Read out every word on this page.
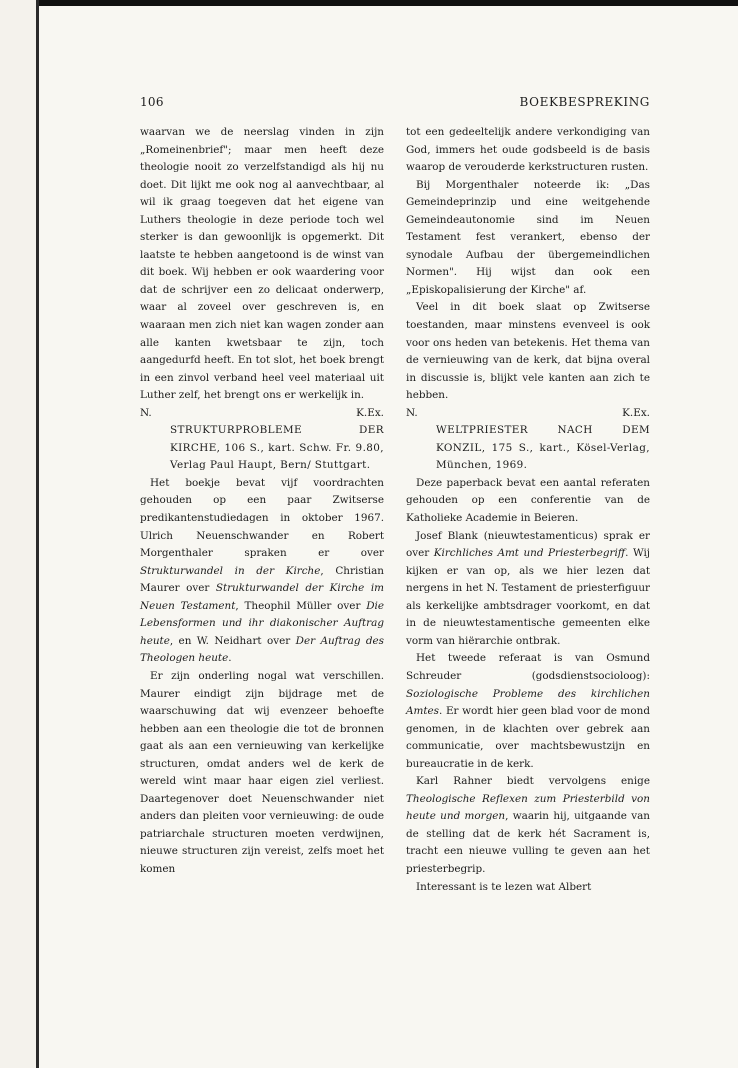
106	BOEKBESPREKING

waarvan we de neerslag vinden in zijn „Romeinenbrief"; maar men heeft deze theologie nooit zo verzelfstandigd als hij nu doet. Dit lijkt me ook nog al aanvechtbaar, al wil ik graag toegeven dat het eigene van Luthers theologie in deze periode toch wel sterker is dan gewoonlijk is opgemerkt. Dit laatste te hebben aangetoond is de winst van dit boek. Wij hebben er ook waardering voor dat de schrijver een zo delicaat onderwerp, waar al zoveel over geschreven is, en waaraan men zich niet kan wagen zonder aan alle kanten kwetsbaar te zijn, toch aangedurfd heeft. En tot slot, het boek brengt in een zinvol verband heel veel materiaal uit Luther zelf, het brengt ons er werkelijk in.

N.	K.Ex.

STRUKTURPROBLEME DER KIRCHE, 106 S., kart. Schw. Fr. 9.80, Verlag Paul Haupt, Bern/ Stuttgart.

Het boekje bevat vijf voordrachten gehouden op een paar Zwitserse predikantenstudiedagen in oktober 1967. Ulrich Neuenschwander en Robert Morgenthaler spraken er over Strukturwandel in der Kirche, Christian Maurer over Strukturwandel der Kirche im Neuen Testament, Theophil Müller over Die Lebensformen und ihr diakonischer Auftrag heute, en W. Neidhart over Der Auftrag des Theologen heute.

Er zijn onderling nogal wat verschillen. Maurer eindigt zijn bijdrage met de waarschuwing dat wij evenzeer behoefte hebben aan een theologie die tot de bronnen gaat als aan een vernieuwing van kerkelijke structuren, omdat anders wel de kerk de wereld wint maar haar eigen ziel verliest. Daartegenover doet Neuenschwander niet anders dan pleiten voor vernieuwing: de oude patriarchale structuren moeten verdwijnen, nieuwe structuren zijn vereist, zelfs moet het komen

tot een gedeeltelijk andere verkondiging van God, immers het oude godsbeeld is de basis waarop de verouderde kerkstructuren rusten.

Bij Morgenthaler noteerde ik: „Das Gemeindeprinzip und eine weitgehende Gemeindeautonomie sind im Neuen Testament fest verankert, ebenso der synodale Aufbau der übergemeindlichen Normen". Hij wijst dan ook een „Episkopalisierung der Kirche" af.

Veel in dit boek slaat op Zwitserse toestanden, maar minstens evenveel is ook voor ons heden van betekenis. Het thema van de vernieuwing van de kerk, dat bijna overal in discussie is, blijkt vele kanten aan zich te hebben.

N.	K.Ex.

WELTPRIESTER NACH DEM KONZIL, 175 S., kart., Kösel-Verlag, München, 1969.

Deze paperback bevat een aantal referaten gehouden op een conferentie van de Katholieke Academie in Beieren.

Josef Blank (nieuwtestamenticus) sprak er over Kirchliches Amt und Priesterbegriff. Wij kijken er van op, als we hier lezen dat nergens in het N. Testament de priesterfiguur als kerkelijke ambtsdrager voorkomt, en dat in de nieuwtestamentische gemeenten elke vorm van hiërarchie ontbrak.

Het tweede referaat is van Osmund Schreuder (godsdienstsocioloog): Soziologische Probleme des kirchlichen Amtes. Er wordt hier geen blad voor de mond genomen, in de klachten over gebrek aan communicatie, over machtsbewustzijn en bureaucratie in de kerk.

Karl Rahner biedt vervolgens enige Theologische Reflexen zum Priesterbild von heute und morgen, waarin hij, uitgaande van de stelling dat de kerk hét Sacrament is, tracht een nieuwe vulling te geven aan het priesterbegrip.

Interessant is te lezen wat Albert
